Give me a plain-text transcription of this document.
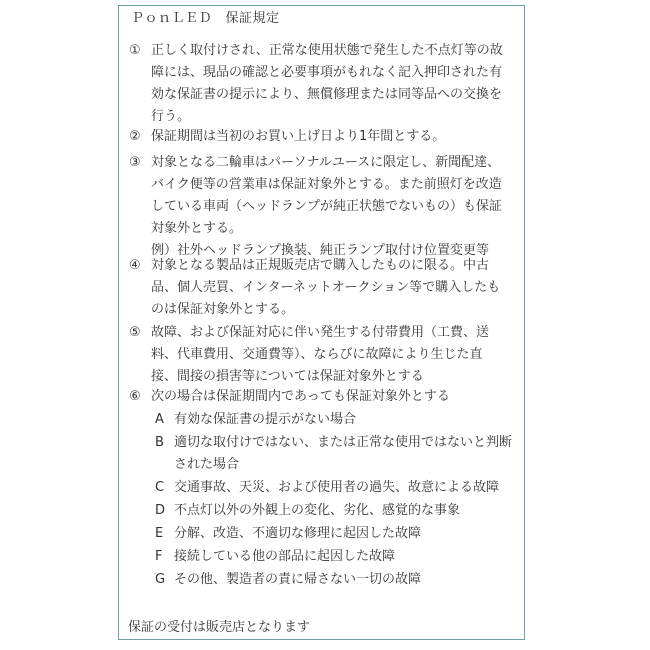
ＰｏｎＬＥＤ　保証規定
① 正しく取付けされ、正常な使用状態で発生した不点灯等の故
障には、現品の確認と必要事項がもれなく記入押印された有
効な保証書の提示により、無償修理または同等品への交換を
行う。
② 保証期間は当初のお買い上げ日より1年間とする。
③ 対象となる二輪車はパーソナルユースに限定し、新聞配達、
バイク便等の営業車は保証対象外とする。また前照灯を改造
している車両（ヘッドランプが純正状態でないもの）も保証
対象外とする。
例）社外ヘッドランプ換装、純正ランプ取付け位置変更等
④ 対象となる製品は正規販売店で購入したものに限る。中古
品、個人売買、インターネットオークション等で購入したも
のは保証対象外とする。
⑤ 故障、および保証対応に伴い発生する付帯費用（工費、送
料、代車費用、交通費等）、ならびに故障により生じた直
接、間接の損害等については保証対象外とする
⑥ 次の場合は保証期間内であっても保証対象外とする
A 有効な保証書の提示がない場合
B 適切な取付けではない、または正常な使用ではないと判断
された場合
C 交通事故、天災、および使用者の過失、故意による故障
D 不点灯以外の外観上の変化、劣化、感覚的な事象
E 分解、改造、不適切な修理に起因した故障
F 接続している他の部品に起因した故障
G その他、製造者の責に帰さない一切の故障
保証の受付は販売店となります
